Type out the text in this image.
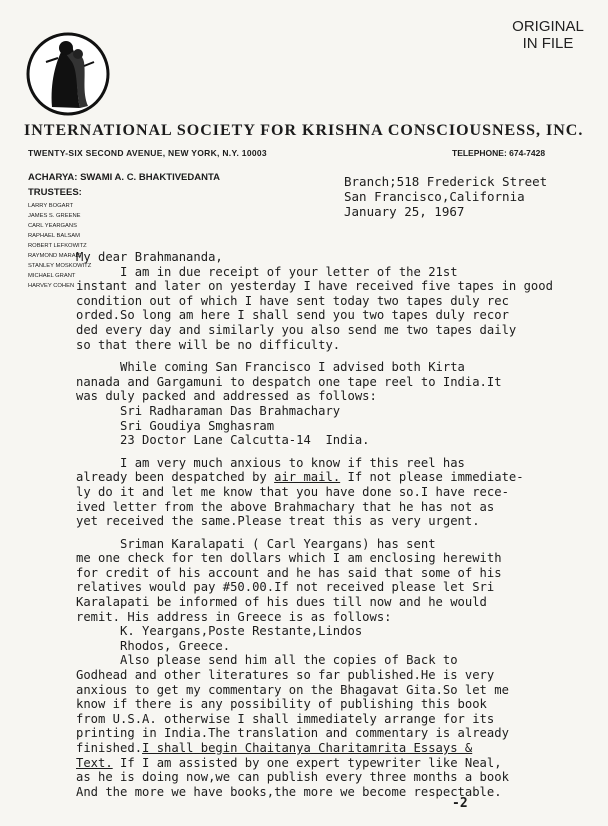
ORIGINAL
IN FILE
INTERNATIONAL SOCIETY FOR KRISHNA CONSCIOUSNESS, INC.
TWENTY-SIX SECOND AVENUE, NEW YORK, N.Y. 10003	TELEPHONE: 674-7428
ACHARYA: SWAMI A. C. BHAKTIVEDANTA
TRUSTEES:
LARRY BOGART
JAMES S. GREENE
CARL YEARGANS
RAPHAEL BALSAM
ROBERT LEFKOWITZ
RAYMOND MARAIS
STANLEY MOSKOWITZ
MICHAEL GRANT
HARVEY COHEN
Branch;518 Frederick Street
San Francisco,California
January 25, 1967
My dear Brahmananda,
I am in due receipt of your letter of the 21st
instant and later on yesterday I have received five tapes in good
condition out of which I have sent today two tapes duly rec
orded.So long am here I shall send you two tapes duly recor
ded every day and similarly you also send me two tapes daily
so that there will be no difficulty.
While coming San Francisco I advised both Kirta
nanada and Gargamuni to despatch one tape reel to India.It
was duly packed and addressed as follows:
Sri Radharaman Das Brahmachary
Sri Goudiya Smghasram
23 Doctor Lane Calcutta-14  India.
I am very much anxious to know if this reel has
already been despatched by air mail. If not please immediate-
ly do it and let me know that you have done so.I have rece-
ived letter from the above Brahmachary that he has not as
yet received the same.Please treat this as very urgent.
Sriman Karalapati ( Carl Yeargans) has sent
me one check for ten dollars which I am enclosing herewith
for credit of his account and he has said that some of his
relatives would pay #50.00.If not received please let Sri
Karalapati be informed of his dues till now and he would
remit. His address in Greece is as follows:
K. Yeargans,Poste Restante,Lindos
Rhodos, Greece.
Also please send him all the copies of Back to
Godhead and other literatures so far published.He is very
anxious to get my commentary on the Bhagavat Gita.So let me
know if there is any possibility of publishing this book
from U.S.A. otherwise I shall immediately arrange for its
printing in India.The translation and commentary is already
finished.I shall begin Chaitanya Charitamrita Essays &
Text. If I am assisted by one expert typewriter like Neal,
as he is doing now,we can publish every three months a book
And the more we have books,the more we become respectable.
-2
